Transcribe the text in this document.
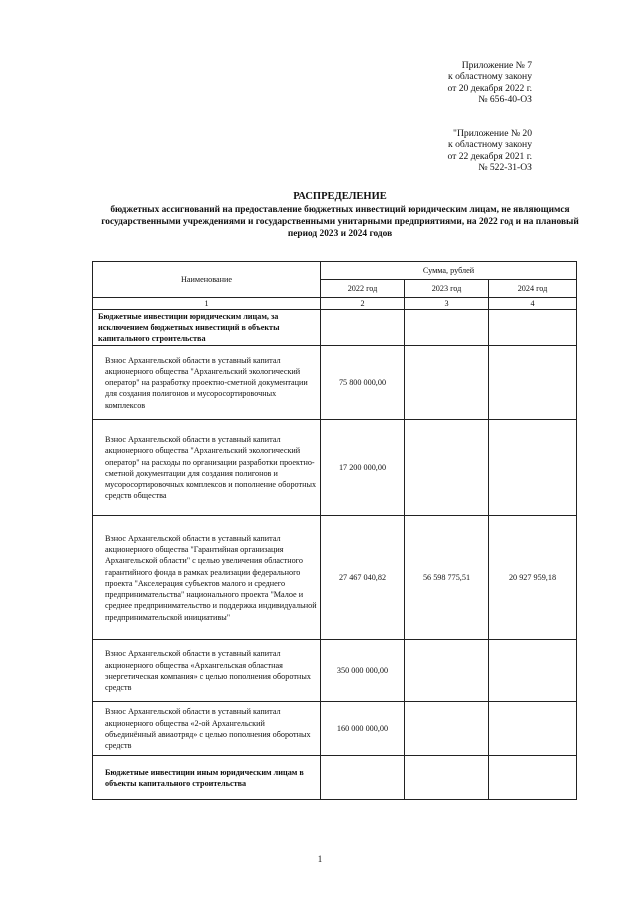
Приложение № 7
к областному закону
от 20 декабря 2022 г.
№ 656-40-ОЗ
"Приложение № 20
к областному закону
от 22 декабря 2021 г.
№ 522-31-ОЗ
РАСПРЕДЕЛЕНИЕ
бюджетных ассигнований на предоставление бюджетных инвестиций юридическим лицам, не являющимся государственными учреждениями и государственными унитарными предприятиями, на 2022 год и на плановый период 2023 и 2024 годов
Наименование	Сумма, рублей		
	2022 год	2023 год	2024 год
1	2	3	4
Бюджетные инвестиции юридическим лицам, за исключением бюджетных инвестиций в объекты капитального строительства			
Взнос Архангельской области в уставный капитал акционерного общества "Архангельский экологический оператор" на разработку проектно-сметной документации для создания полигонов и мусоросортировочных комплексов	75 800 000,00		
Взнос Архангельской области в уставный капитал акционерного общества "Архангельский экологический оператор" на расходы по организации разработки проектно-сметной документации для создания полигонов и мусоросортировочных комплексов и пополнение оборотных средств общества	17 200 000,00		
Взнос Архангельской области в уставный капитал акционерного общества "Гарантийная организация Архангельской области" с целью увеличения областного гарантийного фонда в рамках реализации федерального проекта "Акселерация субъектов малого и среднего предпринимательства" национального проекта "Малое и среднее предпринимательство и поддержка индивидуальной предпринимательской инициативы"	27 467 040,82	56 598 775,51	20 927 959,18
Взнос Архангельской области в уставный капитал акционерного общества «Архангельская областная энергетическая компания» с целью пополнения оборотных средств	350 000 000,00		
Взнос Архангельской области в уставный капитал акционерного общества «2-ой Архангельский объединённый авиаотряд» с целью пополнения оборотных средств	160 000 000,00		
Бюджетные инвестиции иным юридическим лицам в объекты капитального строительства			
1
